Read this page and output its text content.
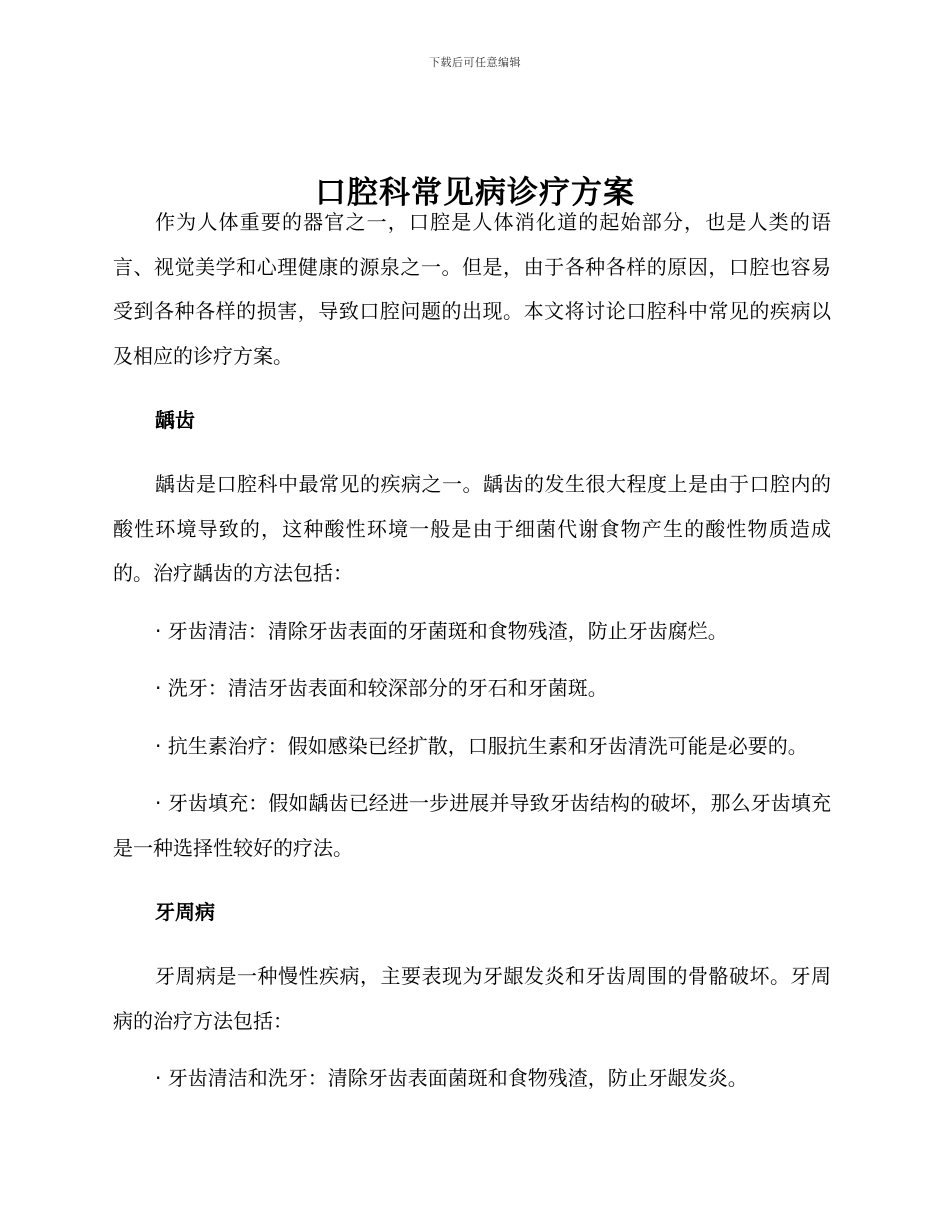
下载后可任意编辑
口腔科常见病诊疗方案

作为人体重要的器官之一，口腔是人体消化道的起始部分，也是人类的语言、视觉美学和心理健康的源泉之一。但是，由于各种各样的原因，口腔也容易受到各种各样的损害，导致口腔问题的出现。本文将讨论口腔科中常见的疾病以及相应的诊疗方案。

龋齿

龋齿是口腔科中最常见的疾病之一。龋齿的发生很大程度上是由于口腔内的酸性环境导致的，这种酸性环境一般是由于细菌代谢食物产生的酸性物质造成的。治疗龋齿的方法包括：

· 牙齿清洁：清除牙齿表面的牙菌斑和食物残渣，防止牙齿腐烂。

· 洗牙：清洁牙齿表面和较深部分的牙石和牙菌斑。

· 抗生素治疗：假如感染已经扩散，口服抗生素和牙齿清洗可能是必要的。

· 牙齿填充：假如龋齿已经进一步进展并导致牙齿结构的破坏，那么牙齿填充是一种选择性较好的疗法。

牙周病

牙周病是一种慢性疾病，主要表现为牙龈发炎和牙齿周围的骨骼破坏。牙周病的治疗方法包括：

· 牙齿清洁和洗牙：清除牙齿表面菌斑和食物残渣，防止牙龈发炎。
